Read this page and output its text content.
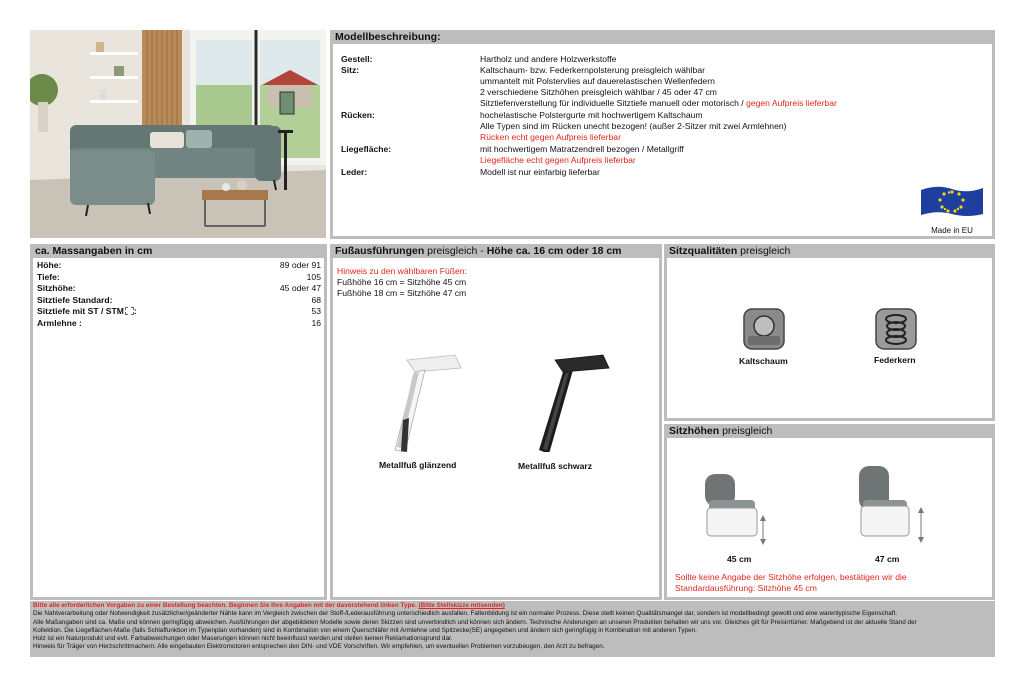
Modellbeschreibung:
Gestell:	Hartholz und andere Holzwerkstoffe
Sitz:	Kaltschaum- bzw. Federkernpolsterung preisgleich wählbar
ummantelt mit Polstervlies auf dauerelastischen Wellenfedern
2 verschiedene Sitzhöhen preisgleich wählbar / 45 oder 47 cm
Sitztiefenverstellung für individuelle Sitztiefe manuell oder motorisch / gegen Aufpreis lieferbar
Rücken:	hochelastische Polstergurte mit hochwertigem Kaltschaum
Alle Typen sind im Rücken unecht bezogen! (außer 2-Sitzer mit zwei Armlehnen)
Rücken echt gegen Aufpreis lieferbar
Liegefläche:	mit hochwertigem Matratzendrell bezogen / Metallgriff
Liegefläche echt gegen Aufpreis lieferbar
Leder:	Modell ist nur einfarbig lieferbar
Made in EU
ca. Massangaben in cm
Höhe:	89 oder 91
Tiefe:	105
Sitzhöhe:	45 oder 47
Sitztiefe Standard:	68
Sitztiefe mit ST / STM :	53
Armlehne :	16
Fußausführungen preisgleich - Höhe ca. 16 cm oder 18 cm
Hinweis zu den wählbaren Füßen:
Fußhöhe 16 cm = Sitzhöhe 45 cm
Fußhöhe 18 cm = Sitzhöhe 47 cm
Metallfuß glänzend	Metallfuß schwarz
Sitzqualitäten preisgleich
Kaltschaum	Federkern
Sitzhöhen preisgleich
45 cm	47 cm
Sollte keine Angabe der Sitzhöhe erfolgen, bestätigen wir die
Standardausführung: Sitzhöhe 45 cm
Bitte alle erforderlichen Vorgaben zu einer Bestellung beachten. Beginnen Sie Ihre Angaben mit der davorstehend linken Type. (Bitte Stellskizze mitsenden)
Die Nahtverarbeitung oder Notwendigkeit zusätzlicher/geänderter Nähte kann im Vergleich zwischen der Stoff-/Lederausführung unterschiedlich ausfallen. Faltenbildung ist ein normaler Prozess. Diese stellt keinen Qualitätsmangel dar, sondern ist modellbedingt gewollt und eine warentypische Eigenschaft.
Alle Maßangaben sind ca. Maße und können geringfügig abweichen. Ausführungen der abgebildeten Modelle sowie deren Skizzen sind unverbindlich und können sich ändern. Technische Änderungen an unseren Produkten behalten wir uns vor. Gleiches gilt für Preisirrtümer. Maßgebend ist der aktuelle Stand der
Kollektion. Die Liegeflächen-Maße (falls Schlaffunktion im Typenplan vorhanden) sind in Kombination von einem Querschläfer mit Armlehne und Spitzecke(SE) angegeben und ändern sich geringfügig in Kombination mit anderen Typen.
Holz ist ein Naturprodukt und evtl. Farbabweichungen oder Maserungen können nicht beeinflusst werden und stellen keinen Reklamationsgrund dar.
Hinweis für Träger von Herzschrittmachern: Alle eingebauten Elektromotoren entsprechen den DIN- und VDE Vorschriften. Wir empfehlen, um eventuellen Problemen vorzubeugen, den Arzt zu befragen.
